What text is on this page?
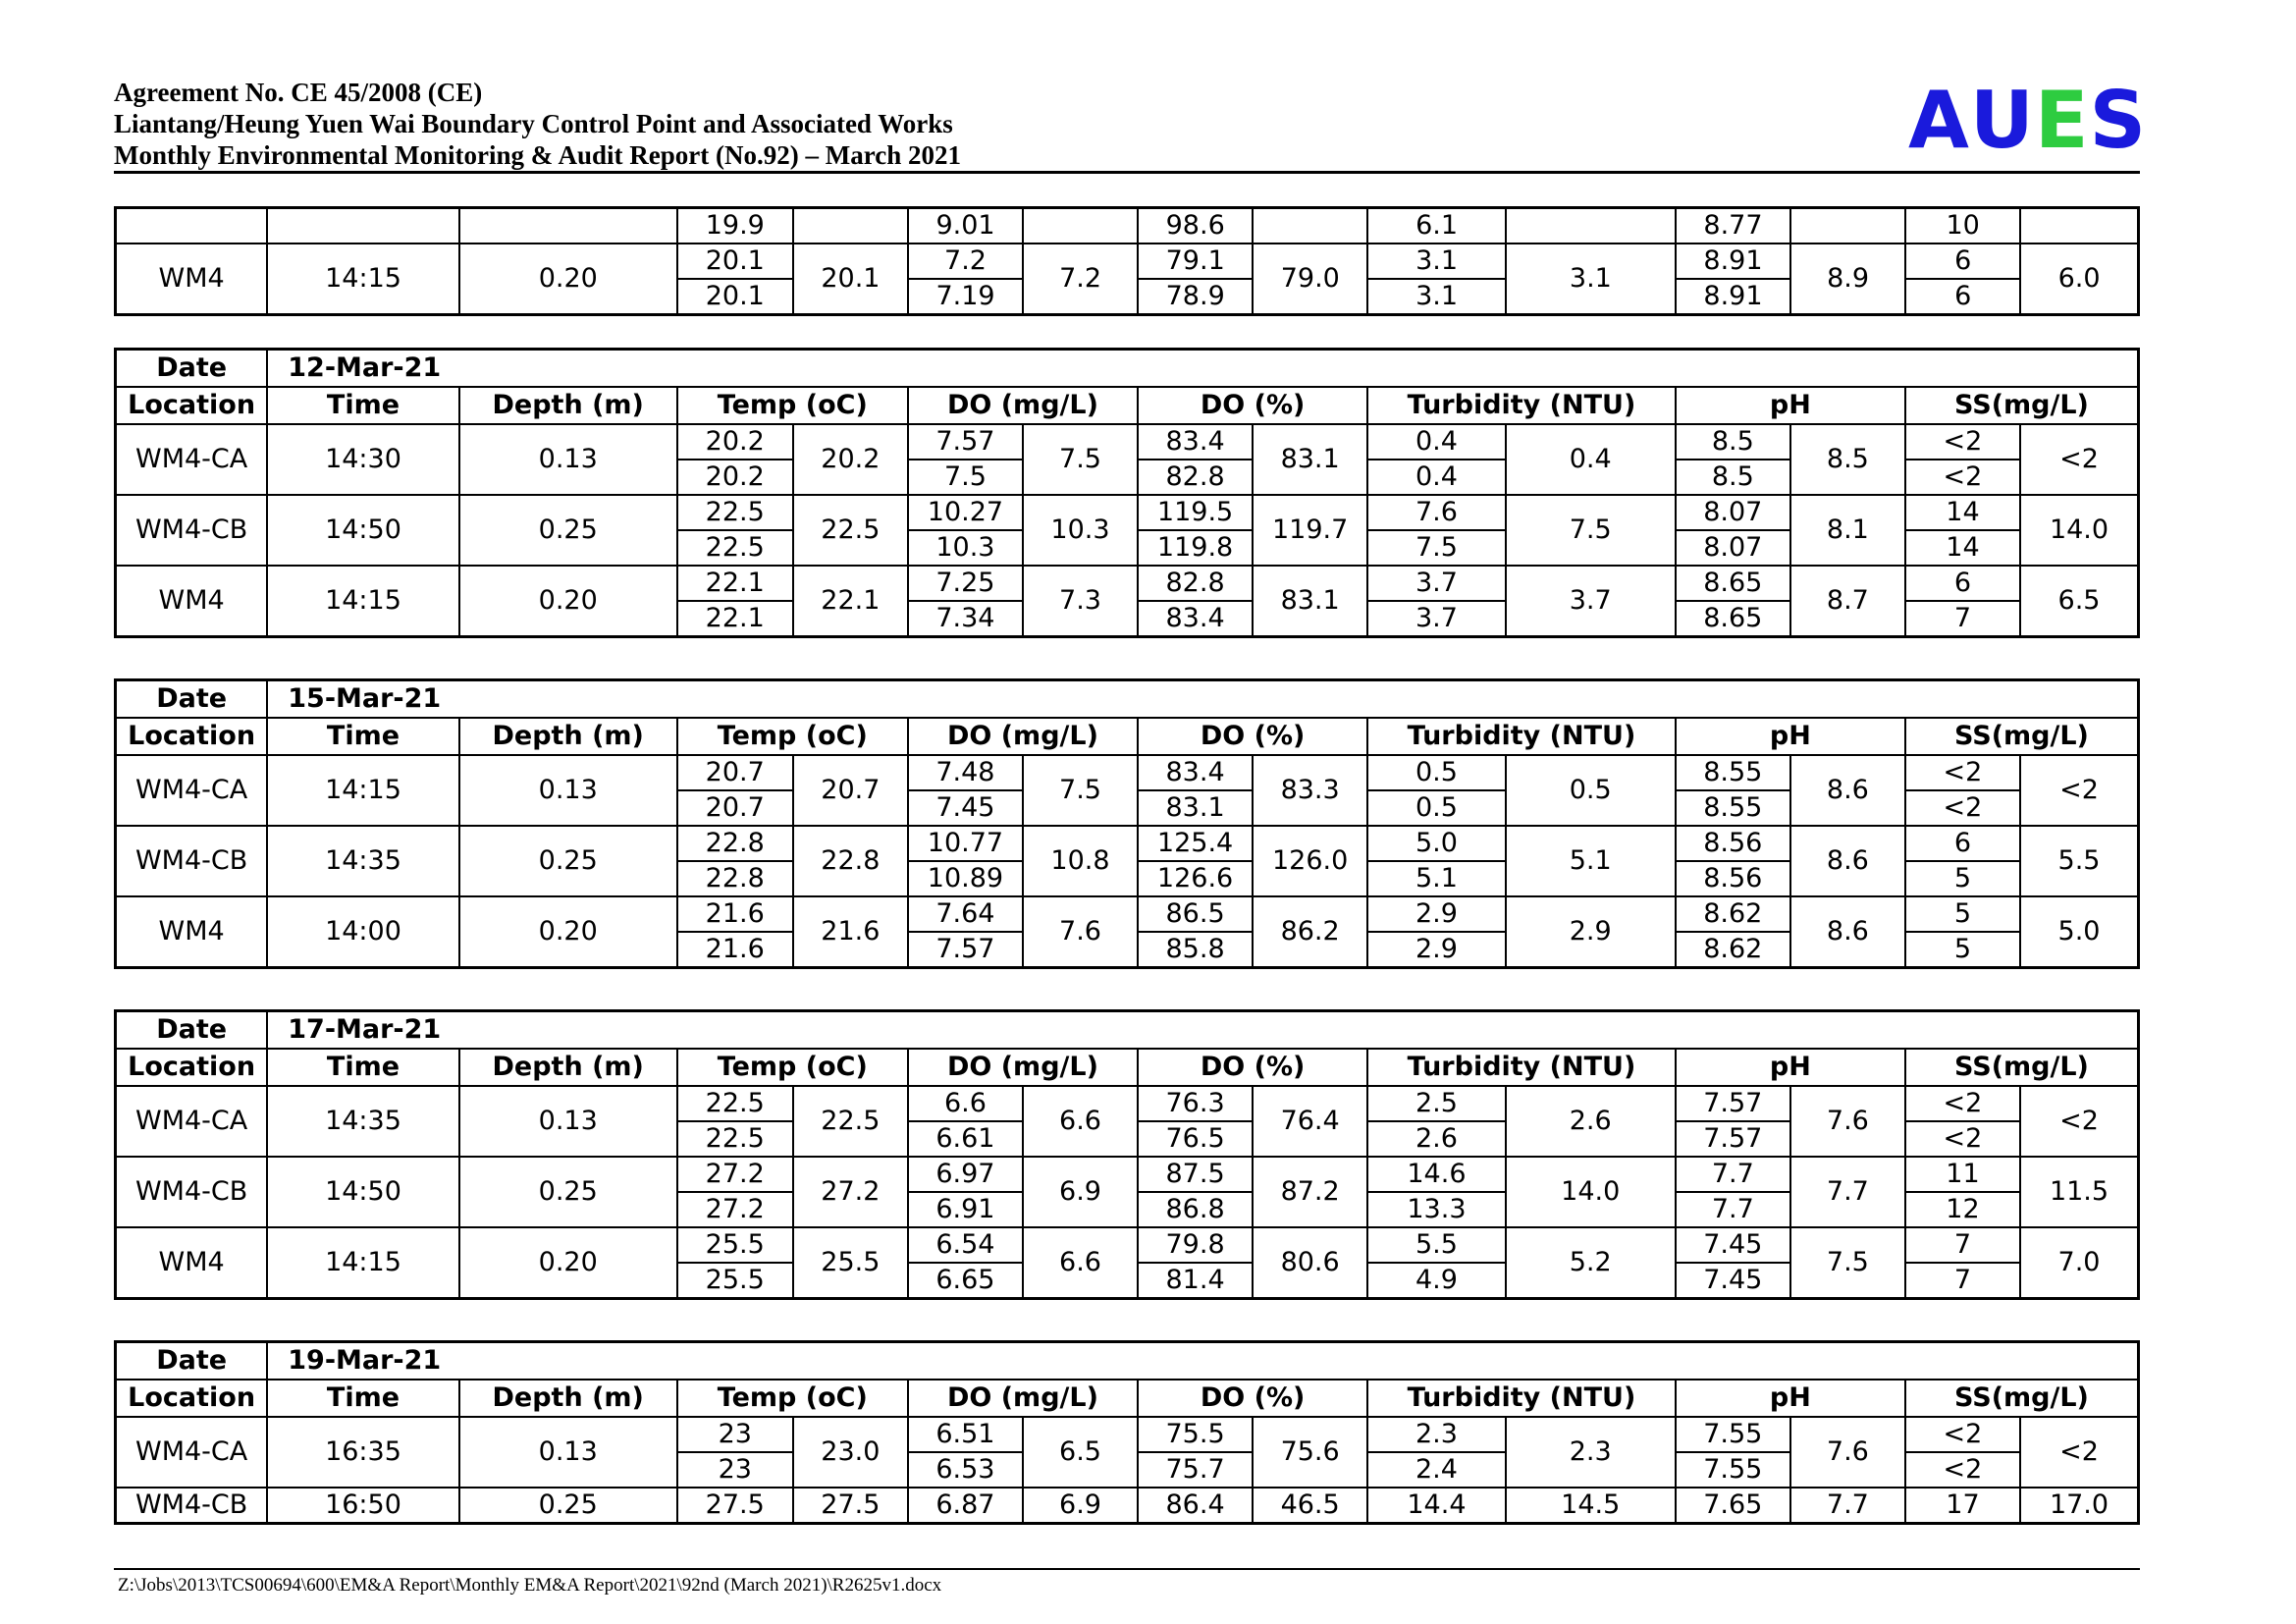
Agreement No. CE 45/2008 (CE)
Liantang/Heung Yuen Wai Boundary Control Point and Associated Works
Monthly Environmental Monitoring & Audit Report (No.92) – March 2021	AUES
			19.9		9.01		98.6		6.1		8.77		10	
WM4	14:15	0.20	20.1	20.1	7.2	7.2	79.1	79.0	3.1	3.1	8.91	8.9	6	6.0
			20.1		7.19		78.9		3.1		8.91		6	
Date	12-Mar-21													
Location	Time	Depth (m)	Temp (oC)		DO (mg/L)		DO (%)		Turbidity (NTU)		pH		SS(mg/L)	
WM4-CA	14:30	0.13	20.2	20.2	7.57	7.5	83.4	83.1	0.4	0.4	8.5	8.5	<2	<2
			20.2		7.5		82.8		0.4		8.5		<2	
WM4-CB	14:50	0.25	22.5	22.5	10.27	10.3	119.5	119.7	7.6	7.5	8.07	8.1	14	14.0
			22.5		10.3		119.8		7.5		8.07		14	
WM4	14:15	0.20	22.1	22.1	7.25	7.3	82.8	83.1	3.7	3.7	8.65	8.7	6	6.5
			22.1		7.34		83.4		3.7		8.65		7	
Date	15-Mar-21													
Location	Time	Depth (m)	Temp (oC)		DO (mg/L)		DO (%)		Turbidity (NTU)		pH		SS(mg/L)	
WM4-CA	14:15	0.13	20.7	20.7	7.48	7.5	83.4	83.3	0.5	0.5	8.55	8.6	<2	<2
			20.7		7.45		83.1		0.5		8.55		<2	
WM4-CB	14:35	0.25	22.8	22.8	10.77	10.8	125.4	126.0	5.0	5.1	8.56	8.6	6	5.5
			22.8		10.89		126.6		5.1		8.56		5	
WM4	14:00	0.20	21.6	21.6	7.64	7.6	86.5	86.2	2.9	2.9	8.62	8.6	5	5.0
			21.6		7.57		85.8		2.9		8.62		5	
Date	17-Mar-21													
Location	Time	Depth (m)	Temp (oC)		DO (mg/L)		DO (%)		Turbidity (NTU)		pH		SS(mg/L)	
WM4-CA	14:35	0.13	22.5	22.5	6.6	6.6	76.3	76.4	2.5	2.6	7.57	7.6	<2	<2
			22.5		6.61		76.5		2.6		7.57		<2	
WM4-CB	14:50	0.25	27.2	27.2	6.97	6.9	87.5	87.2	14.6	14.0	7.7	7.7	11	11.5
			27.2		6.91		86.8		13.3		7.7		12	
WM4	14:15	0.20	25.5	25.5	6.54	6.6	79.8	80.6	5.5	5.2	7.45	7.5	7	7.0
			25.5		6.65		81.4		4.9		7.45		7	
Date	19-Mar-21													
Location	Time	Depth (m)	Temp (oC)		DO (mg/L)		DO (%)		Turbidity (NTU)		pH		SS(mg/L)	
WM4-CA	16:35	0.13	23	23.0	6.51	6.5	75.5	75.6	2.3	2.3	7.55	7.6	<2	<2
			23		6.53		75.7		2.4		7.55		<2	
WM4-CB	16:50	0.25	27.5	27.5	6.87	6.9	86.4	46.5	14.4	14.5	7.65	7.7	17	17.0
Z:\Jobs\2013\TCS00694\600\EM&A Report\Monthly EM&A Report\2021\92nd (March 2021)\R2625v1.docx
